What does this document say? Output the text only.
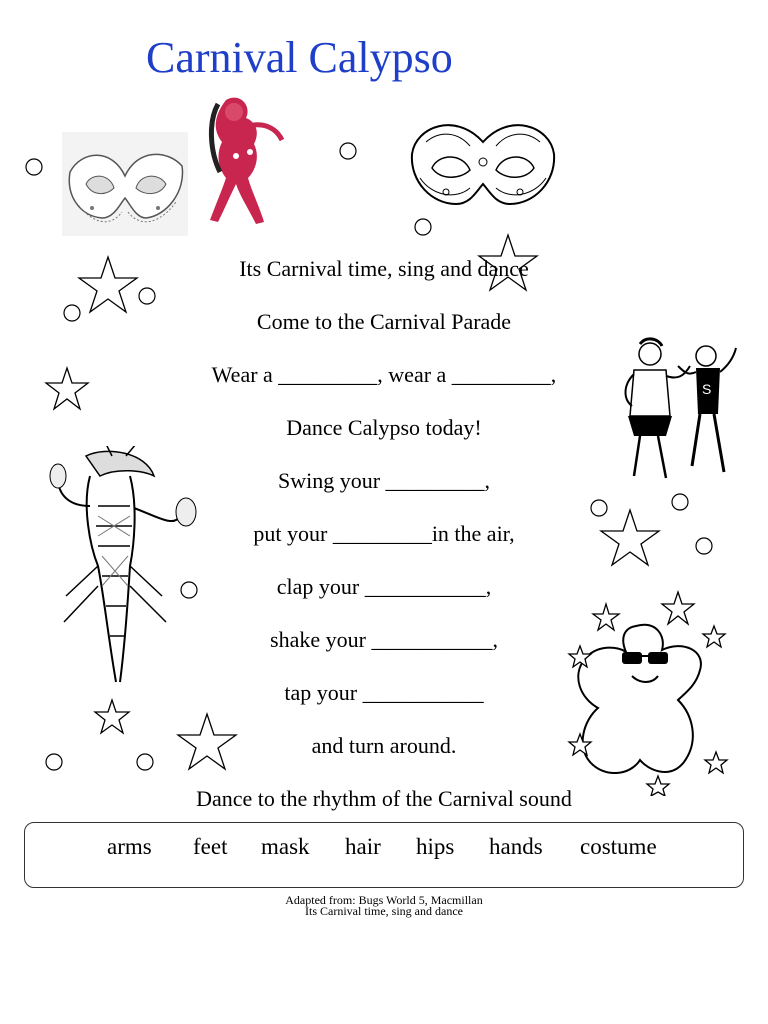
Carnival Calypso
S
Its Carnival time, sing and dance
Come to the Carnival Parade
Wear a _________, wear a _________,
Dance Calypso today!
Swing your _________,
put your _________in the air,
clap your ___________,
shake your ___________,
tap your ___________
and turn around.
Dance to the rhythm of the Carnival sound
arms feet mask hair hips hands costume
Adapted from: Bugs World 5, Macmillan
Its Carnival time, sing and dance
